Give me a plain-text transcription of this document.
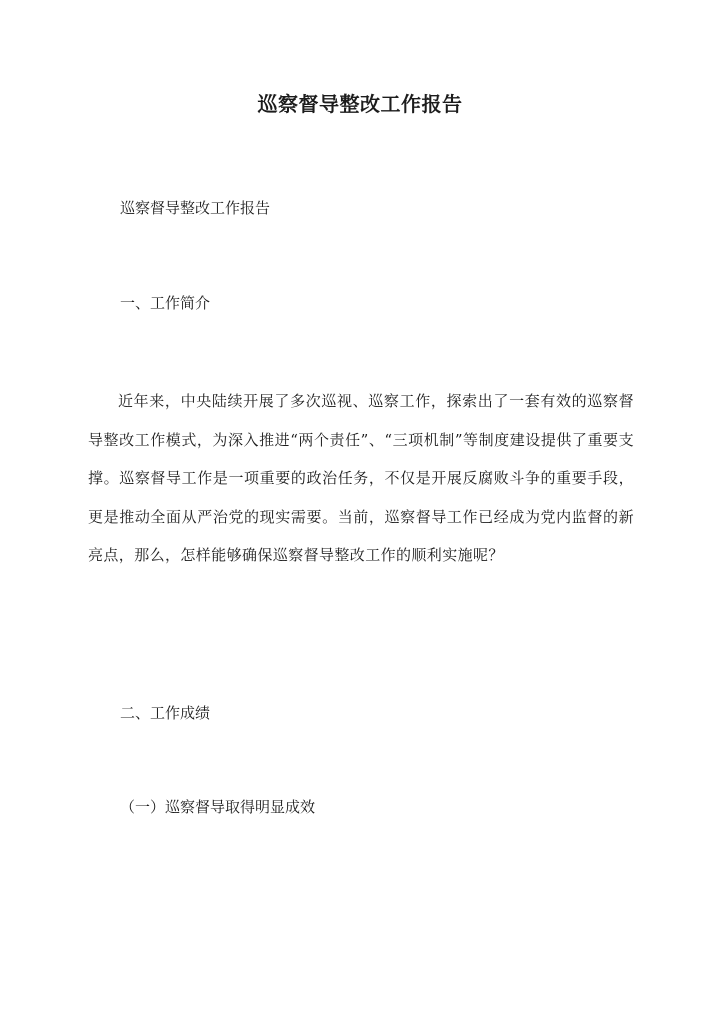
巡察督导整改工作报告
巡察督导整改工作报告
一、工作简介

近年来，中央陆续开展了多次巡视、巡察工作，探索出了一套有效的巡察督导整改工作模式，为深入推进“两个责任”、“三项机制”等制度建设提供了重要支撑。巡察督导工作是一项重要的政治任务，不仅是开展反腐败斗争的重要手段，更是推动全面从严治党的现实需要。当前，巡察督导工作已经成为党内监督的新亮点，那么，怎样能够确保巡察督导整改工作的顺利实施呢？

二、工作成绩
（一）巡察督导取得明显成效
